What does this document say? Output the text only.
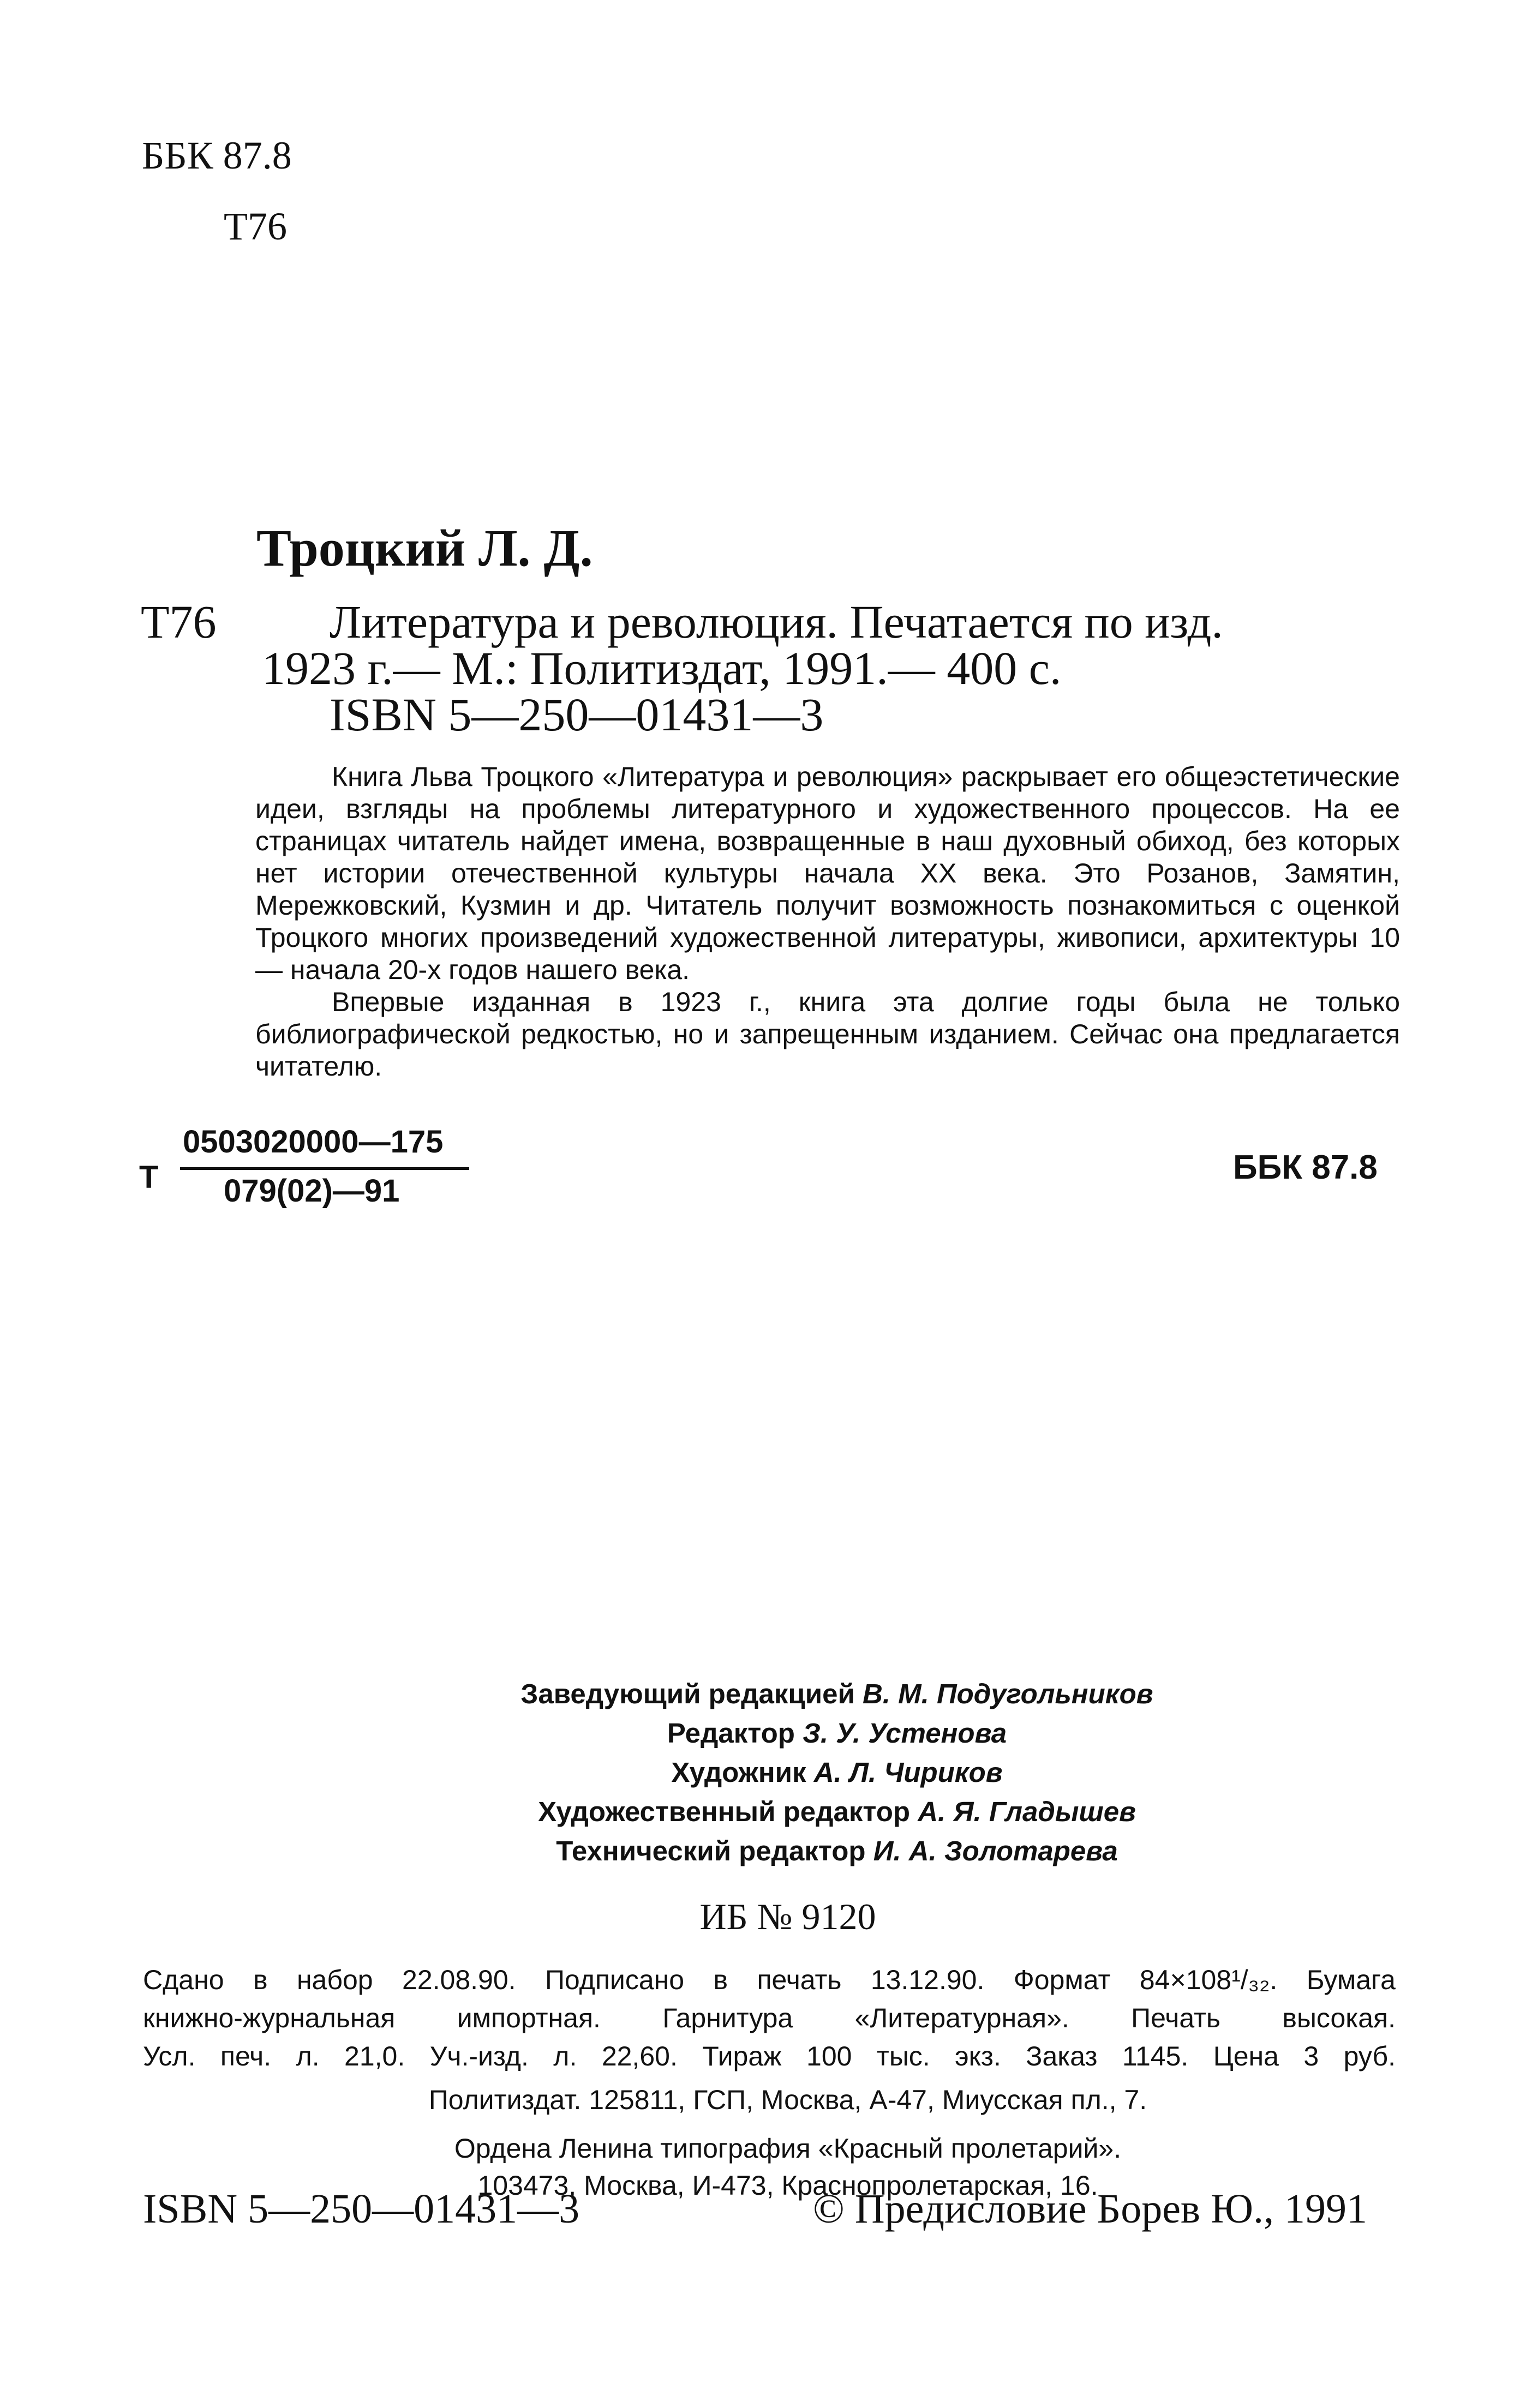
ББК 87.8
Т76
Троцкий Л. Д.
Т76 Литература и революция. Печатается по изд.
1923 г.— М.: Политиздат, 1991.— 400 с.
ISBN 5—250—01431—3

Книга Льва Троцкого «Литература и революция» раскрывает его общеэстетические идеи, взгляды на проблемы литературного и художественного процессов. На ее страницах читатель найдет имена, возвращенные в наш духовный обиход, без которых нет истории отечественной культуры начала XX века. Это Розанов, Замятин, Мережковский, Кузмин и др. Читатель получит возможность познакомиться с оценкой Троцкого многих произведений художественной литературы, живописи, архитектуры 10 — начала 20-х годов нашего века.

Впервые изданная в 1923 г., книга эта долгие годы была не только библиографической редкостью, но и запрещенным изданием. Сейчас она предлагается читателю.

Т
0503020000—175
079(02)—91
ББК 87.8
Заведующий редакцией В. М. Подугольников
Редактор З. У. Устенова
Художник А. Л. Чириков
Художественный редактор А. Я. Гладышев
Технический редактор И. А. Золотарева
ИБ № 9120
Сдано в набор 22.08.90. Подписано в печать 13.12.90. Формат 84×108¹/₃₂. Бумага
книжно-журнальная импортная. Гарнитура «Литературная». Печать высокая.
Усл. печ. л. 21,0. Уч.-изд. л. 22,60. Тираж 100 тыс. экз. Заказ 1145. Цена 3 руб.
Политиздат. 125811, ГСП, Москва, А-47, Миусская пл., 7.
Ордена Ленина типография «Красный пролетарий».
103473, Москва, И-473, Краснопролетарская, 16.
ISBN 5—250—01431—3	© Предисловие Борев Ю., 1991
